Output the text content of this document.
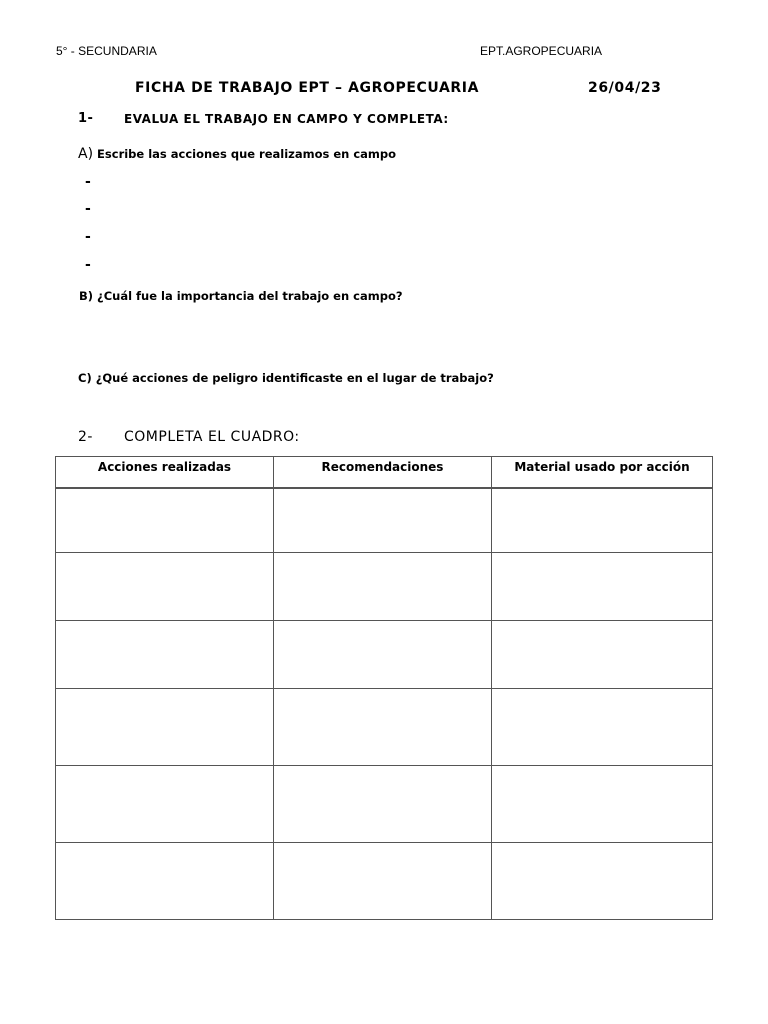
5° - SECUNDARIA	EPT.AGROPECUARIA
FICHA DE TRABAJO EPT – AGROPECUARIA	26/04/23
1-	EVALUA EL TRABAJO EN CAMPO Y COMPLETA:
A) Escribe las acciones que realizamos en campo
-
-
-
-
B) ¿Cuál fue la importancia del trabajo en campo?
C) ¿Qué acciones de peligro identificaste en el lugar de trabajo?
2- COMPLETA EL CUADRO:
Acciones realizadas	Recomendaciones	Material usado por acción
